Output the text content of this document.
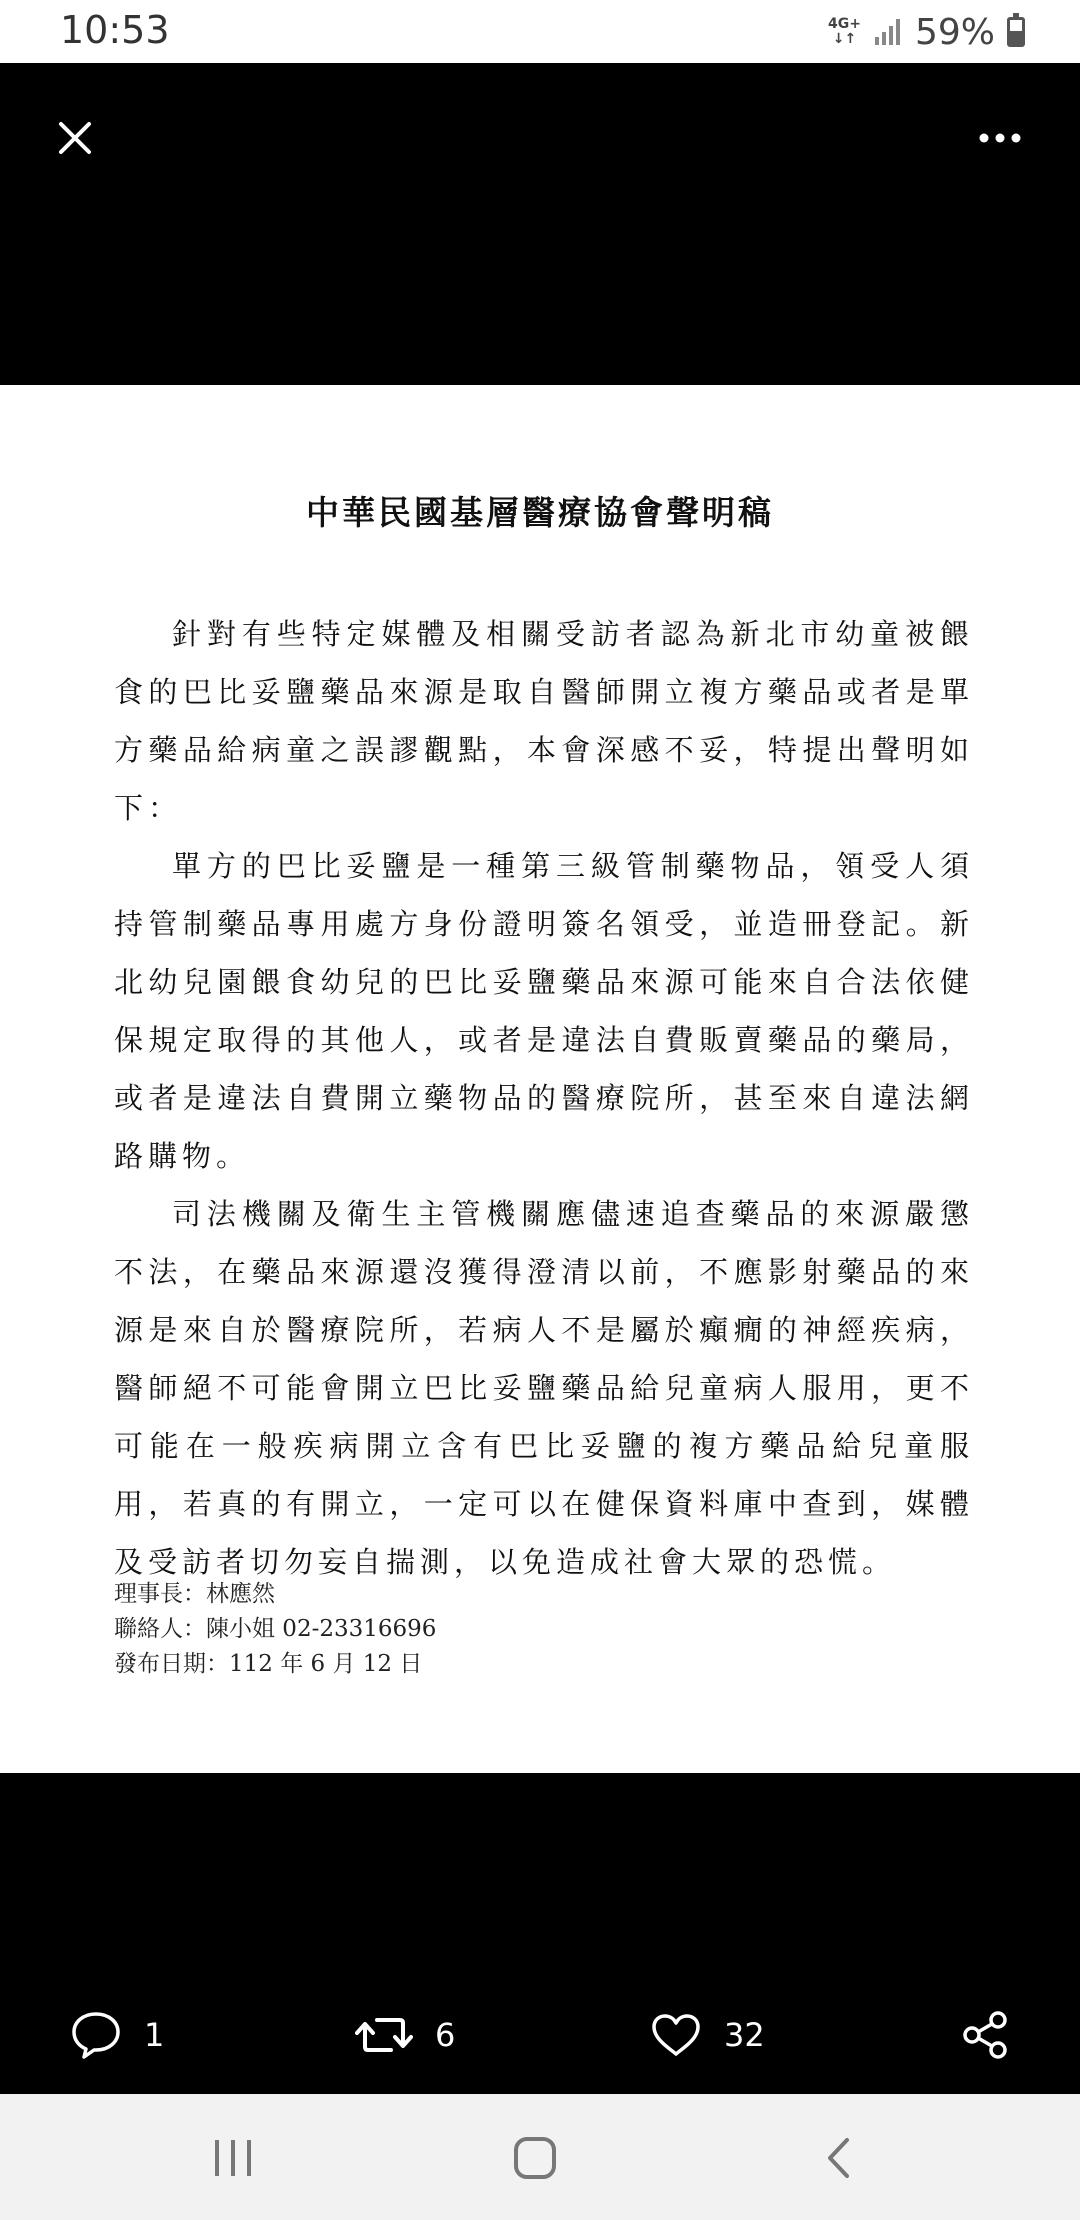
10:53	4G+
↓↑ 59%
中華民國基層醫療協會聲明稿

針對有些特定媒體及相關受訪者認為新北市幼童被餵食的巴比妥鹽藥品來源是取自醫師開立複方藥品或者是單方藥品給病童之誤謬觀點，本會深感不妥，特提出聲明如下：

單方的巴比妥鹽是一種第三級管制藥物品，領受人須持管制藥品專用處方身份證明簽名領受，並造冊登記。新北幼兒園餵食幼兒的巴比妥鹽藥品來源可能來自合法依健保規定取得的其他人，或者是違法自費販賣藥品的藥局，或者是違法自費開立藥物品的醫療院所，甚至來自違法網路購物。

司法機關及衛生主管機關應儘速追查藥品的來源嚴懲不法，在藥品來源還沒獲得澄清以前，不應影射藥品的來源是來自於醫療院所，若病人不是屬於癲癇的神經疾病，醫師絕不可能會開立巴比妥鹽藥品給兒童病人服用，更不可能在一般疾病開立含有巴比妥鹽的複方藥品給兒童服用，若真的有開立，一定可以在健保資料庫中查到，媒體及受訪者切勿妄自揣測，以免造成社會大眾的恐慌。

理事長：林應然
聯絡人：陳小姐 02-23316696
發布日期：112 年 6 月 12 日
1	6	32
